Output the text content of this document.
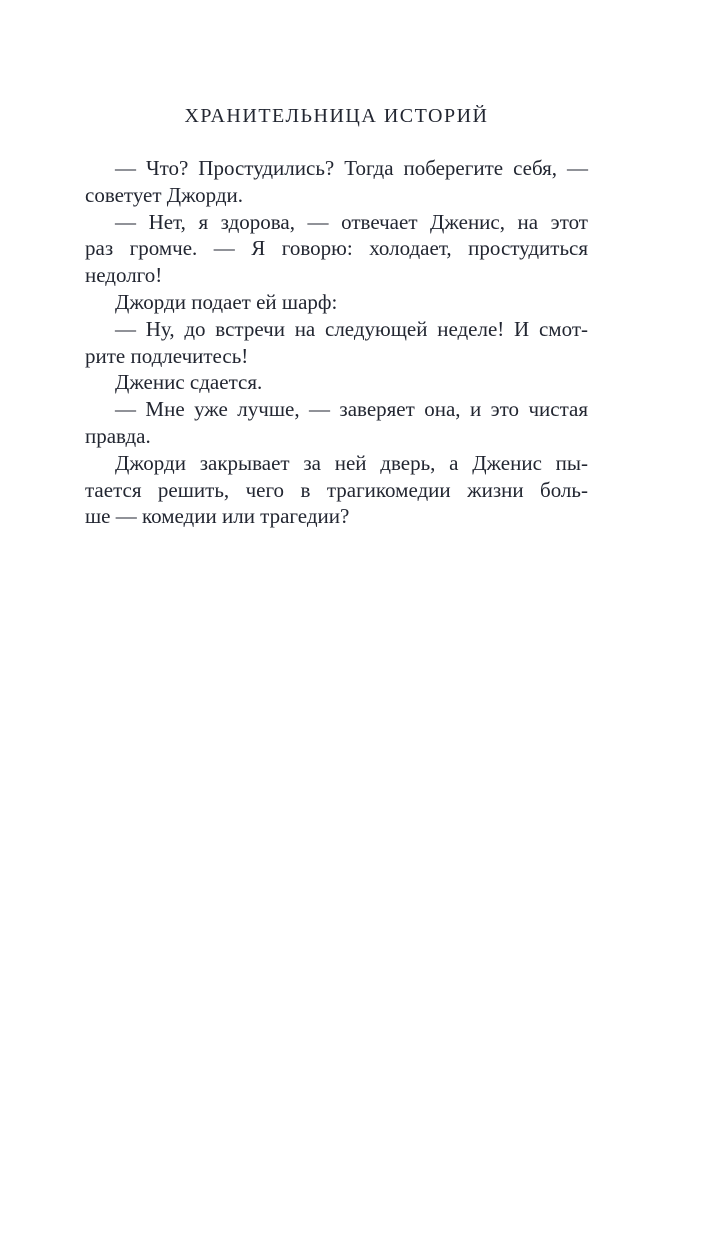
ХРАНИТЕЛЬНИЦА ИСТОРИЙ
— Что? Простудились? Тогда поберегите себя, —
советует Джорди.
— Нет, я здорова, — отвечает Дженис, на этот
раз громче. — Я говорю: холодает, простудиться
недолго!
Джорди подает ей шарф:
— Ну, до встречи на следующей неделе! И смот-
рите подлечитесь!
Дженис сдается.
— Мне уже лучше, — заверяет она, и это чистая
правда.
Джорди закрывает за ней дверь, а Дженис пы-
тается решить, чего в трагикомедии жизни боль-
ше — комедии или трагедии?
